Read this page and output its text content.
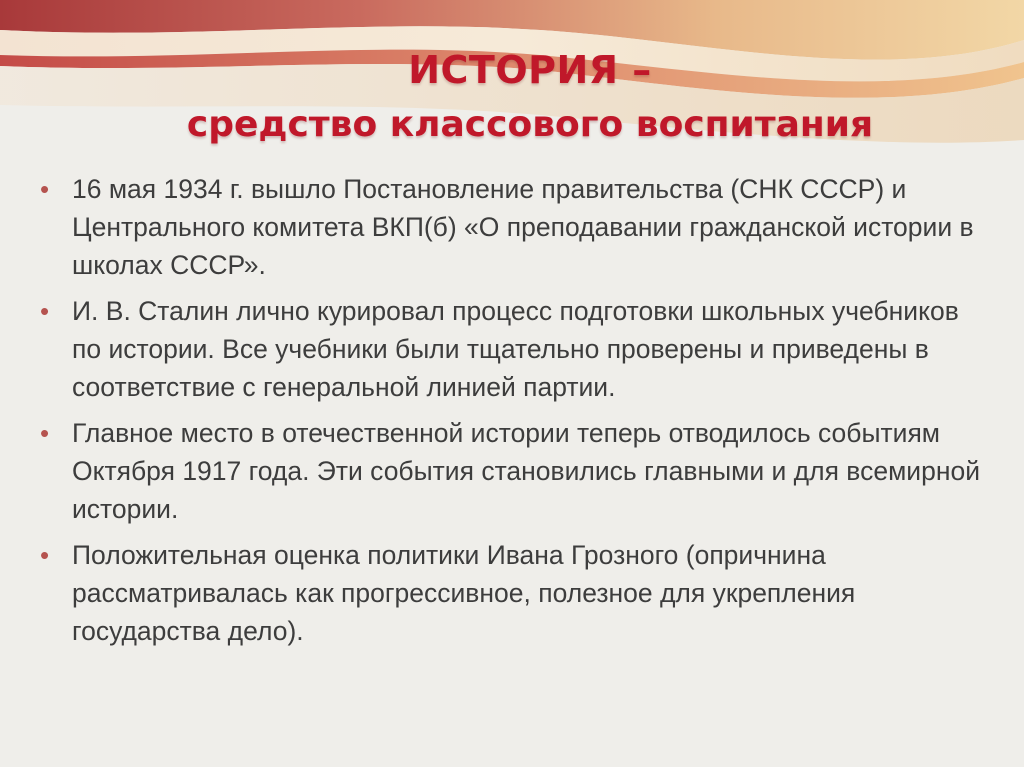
ИСТОРИЯ –
средство классового воспитания
• 16 мая 1934 г. вышло Постановление правительства (СНК СССР) и Центрального комитета ВКП(б) «О преподавании гражданской истории в школах СССР».
• И. В. Сталин лично курировал процесс подготовки школьных учебников по истории. Все учебники были тщательно проверены и приведены в соответствие с генеральной линией партии.
• Главное место в отечественной истории теперь отводилось событиям Октября 1917 года. Эти события становились главными и для всемирной истории.
• Положительная оценка политики Ивана Грозного (опричнина рассматривалась как прогрессивное, полезное для укрепления государства дело).
